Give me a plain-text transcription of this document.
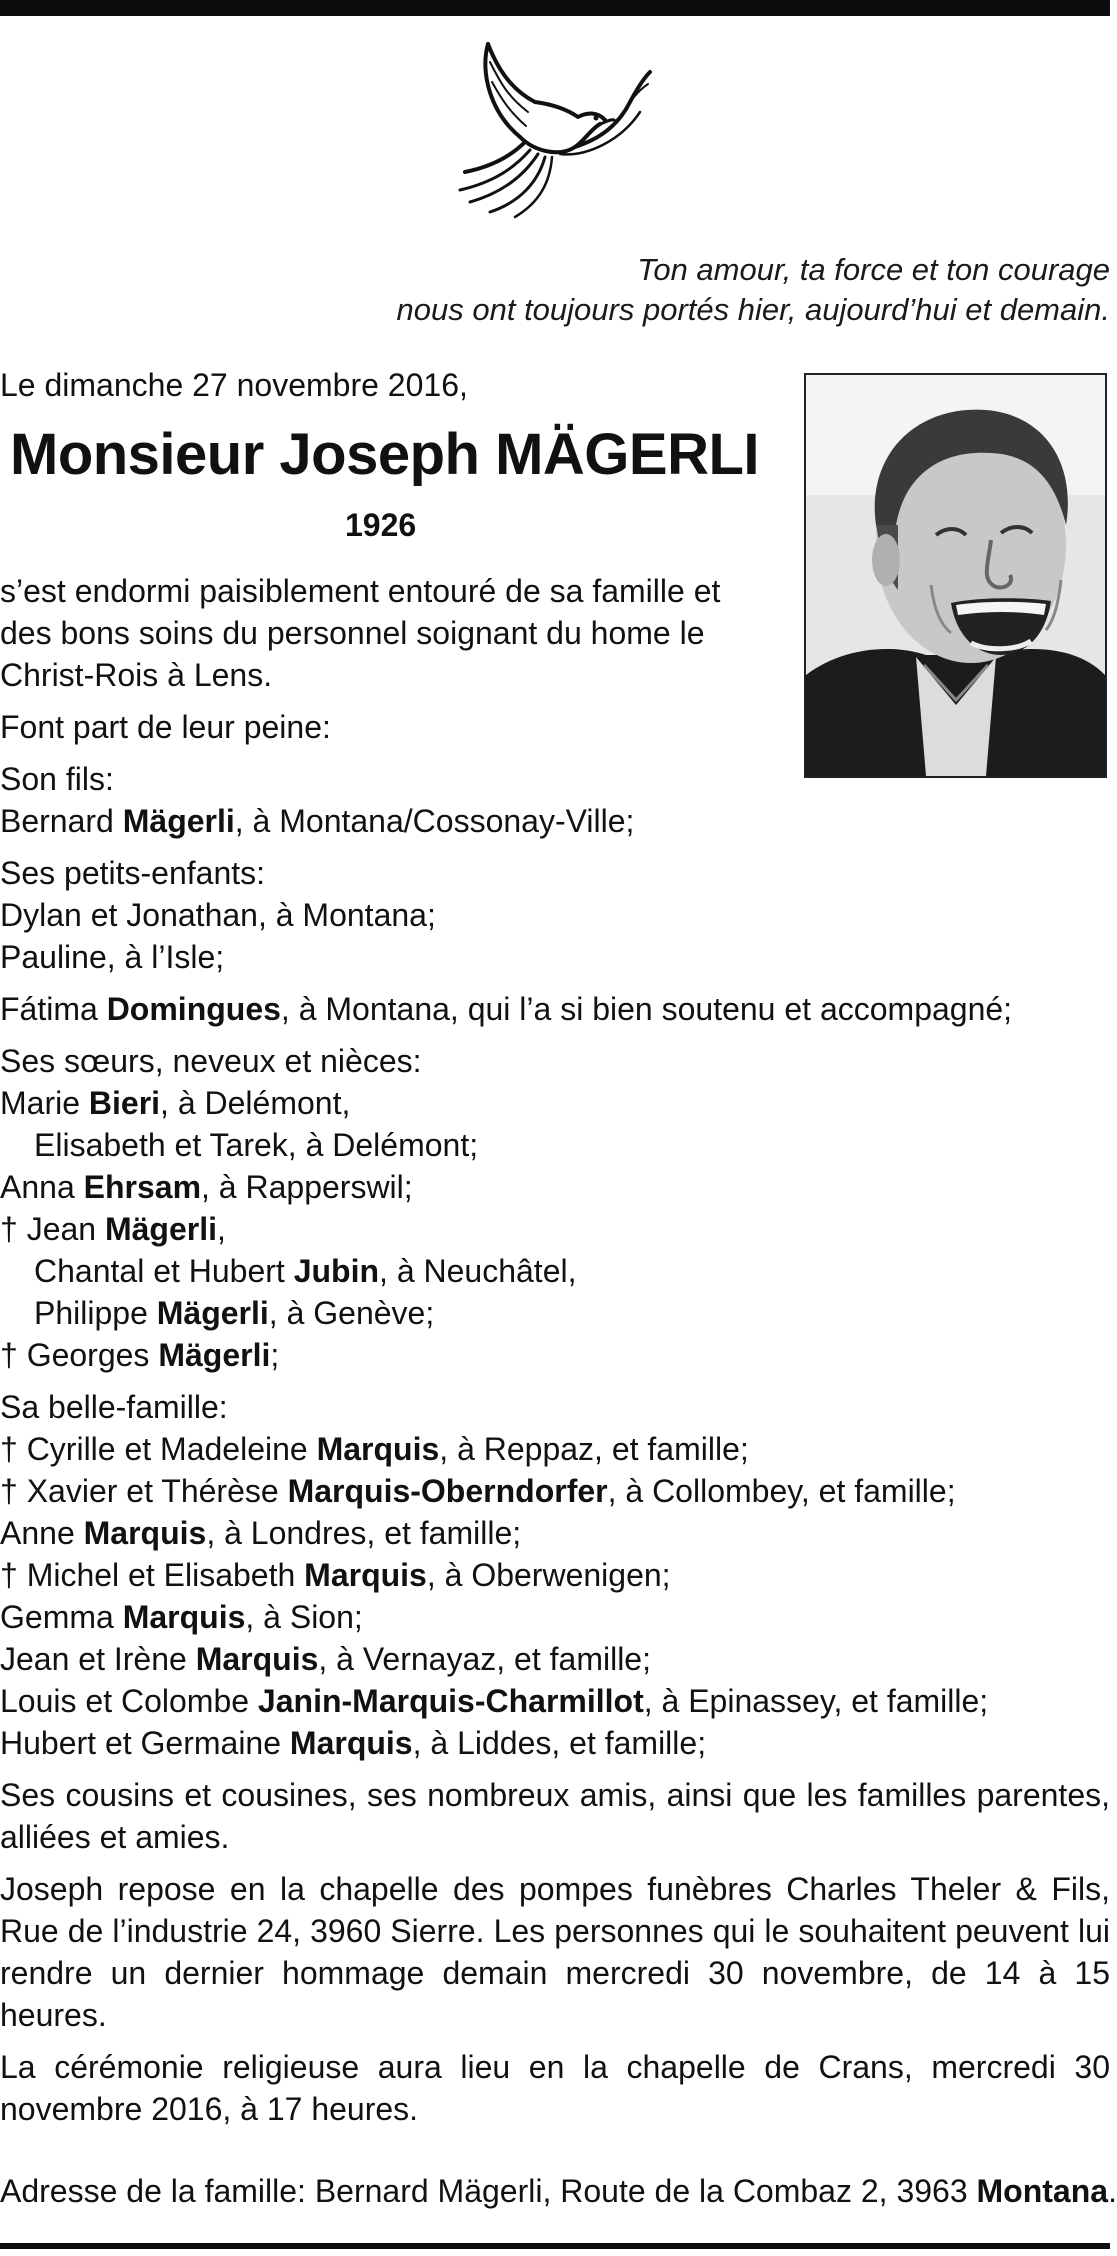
Ton amour, ta force et ton courage
nous ont toujours portés hier, aujourd’hui et demain.
Le dimanche 27 novembre 2016,
Monsieur Joseph MÄGERLI
1926
s’est endormi paisiblement entouré de sa famille et des bons soins du personnel soignant du home le Christ-Rois à Lens.
Font part de leur peine:
Son fils:
Bernard Mägerli, à Montana/Cossonay-Ville;
Ses petits-enfants:
Dylan et Jonathan, à Montana;
Pauline, à l’Isle;
Fátima Domingues, à Montana, qui l’a si bien soutenu et accompagné;
Ses sœurs, neveux et nièces:
Marie Bieri, à Delémont,
Elisabeth et Tarek, à Delémont;
Anna Ehrsam, à Rapperswil;
† Jean Mägerli,
Chantal et Hubert Jubin, à Neuchâtel,
Philippe Mägerli, à Genève;
† Georges Mägerli;
Sa belle-famille:
† Cyrille et Madeleine Marquis, à Reppaz, et famille;
† Xavier et Thérèse Marquis-Oberndorfer, à Collombey, et famille;
Anne Marquis, à Londres, et famille;
† Michel et Elisabeth Marquis, à Oberwenigen;
Gemma Marquis, à Sion;
Jean et Irène Marquis, à Vernayaz, et famille;
Louis et Colombe Janin-Marquis-Charmillot, à Epinassey, et famille;
Hubert et Germaine Marquis, à Liddes, et famille;
Ses cousins et cousines, ses nombreux amis, ainsi que les familles parentes, alliées et amies.
Joseph repose en la chapelle des pompes funèbres Charles Theler & Fils, Rue de l’industrie 24, 3960 Sierre. Les personnes qui le souhaitent peuvent lui rendre un dernier hommage demain mercredi 30 novembre, de 14 à 15 heures.
La cérémonie religieuse aura lieu en la chapelle de Crans, mercredi 30 novembre 2016, à 17 heures.
Adresse de la famille: Bernard Mägerli, Route de la Combaz 2, 3963 Montana.
